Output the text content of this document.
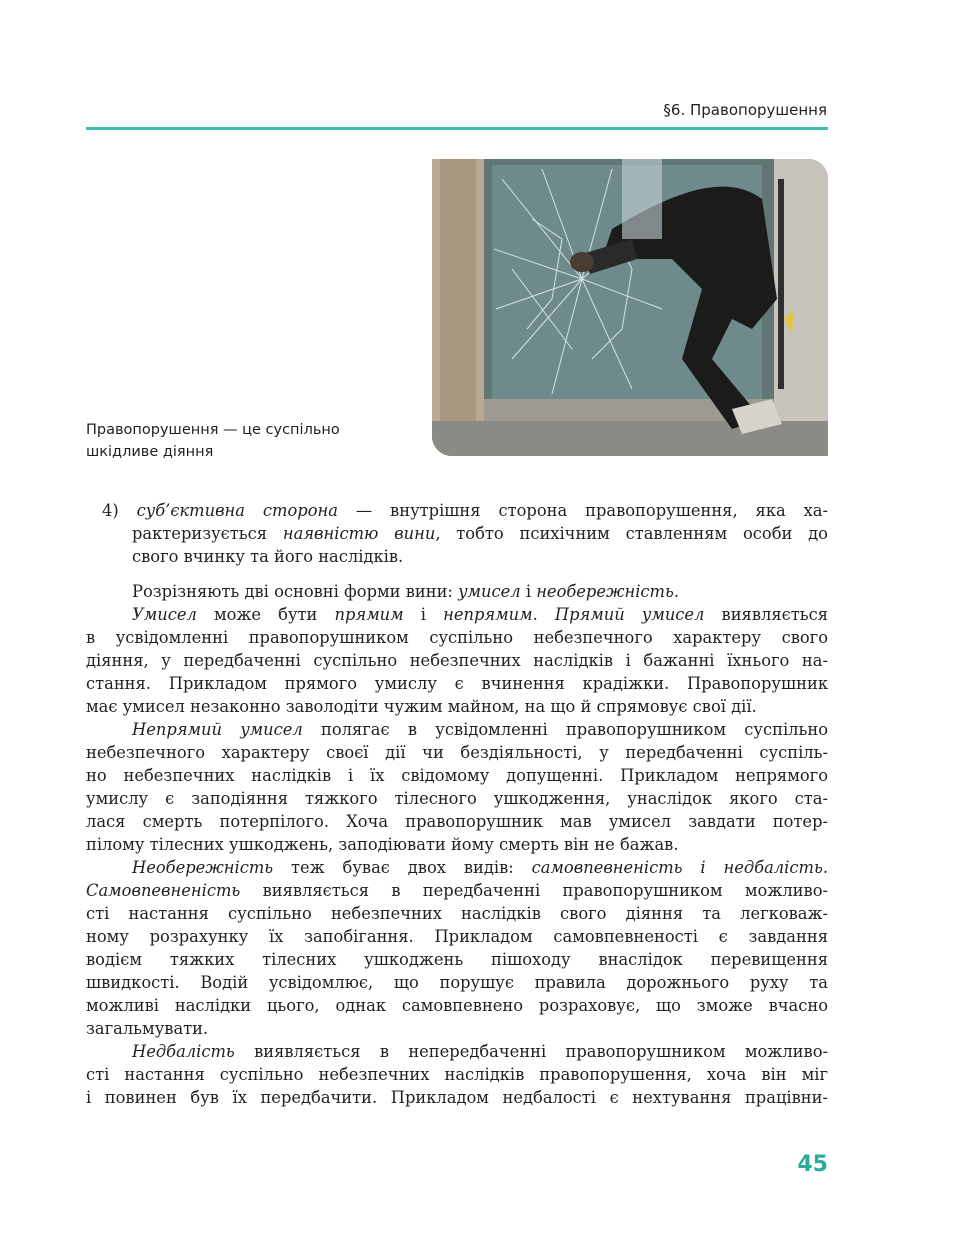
§6. Правопорушення
Правопорушення — це суспільно
шкідливе діяння
4) суб’єктивна сторона — внутрішня сторона правопорушення, яка ха-
рактеризується наявністю вини, тобто психічним ставленням особи до
свого вчинку та його наслідків.
Розрізняють дві основні форми вини: умисел і необережність.
Умисел може бути прямим і непрямим. Прямий умисел виявляється
в усвідомленні правопорушником суспільно небезпечного характеру свого
діяння, у передбаченні суспільно небезпечних наслідків і бажанні їхнього на-
стання. Прикладом прямого умислу є вчинення крадіжки. Правопорушник
має умисел незаконно заволодіти чужим майном, на що й спрямовує свої дії.
Непрямий умисел полягає в усвідомленні правопорушником суспільно
небезпечного характеру своєї дії чи бездіяльності, у передбаченні суспіль-
но небезпечних наслідків і їх свідомому допущенні. Прикладом непрямого
умислу є заподіяння тяжкого тілесного ушкодження, унаслідок якого ста-
лася смерть потерпілого. Хоча правопорушник мав умисел завдати потер-
пілому тілесних ушкоджень, заподіювати йому смерть він не бажав.
Необережність теж буває двох видів: самовпевненість і недбалість.
Самовпевненість виявляється в передбаченні правопорушником можливо-
сті настання суспільно небезпечних наслідків свого діяння та легковаж-
ному розрахунку їх запобігання. Прикладом самовпевненості є завдання
водієм тяжких тілесних ушкоджень пішоходу внаслідок перевищення
швидкості. Водій усвідомлює, що порушує правила дорожнього руху та
можливі наслідки цього, однак самовпевнено розраховує, що зможе вчасно
загальмувати.
Недбалість виявляється в непередбаченні правопорушником можливо-
сті настання суспільно небезпечних наслідків правопорушення, хоча він міг
і повинен був їх передбачити. Прикладом недбалості є нехтування працівни-
45
